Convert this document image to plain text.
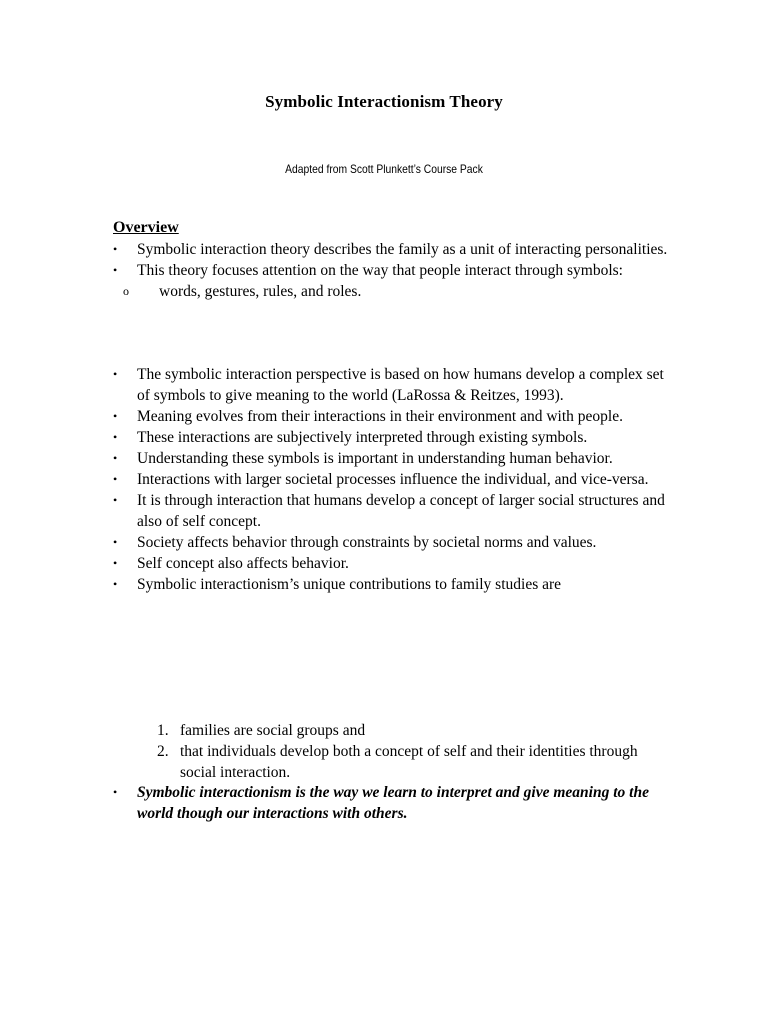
Symbolic Interactionism Theory
Adapted from Scott Plunkett’s Course Pack
Overview
•	Symbolic interaction theory describes the family as a unit of interacting personalities.
•	This theory focuses attention on the way that people interact through symbols:
o	words, gestures, rules, and roles.
•	The symbolic interaction perspective is based on how humans develop a complex set of symbols to give meaning to the world (LaRossa & Reitzes, 1993).
•	Meaning evolves from their interactions in their environment and with people.
•	These interactions are subjectively interpreted through existing symbols.
•	Understanding these symbols is important in understanding human behavior.
•	Interactions with larger societal processes influence the individual, and vice-versa.
•	It is through interaction that humans develop a concept of larger social structures and also of self concept.
•	Society affects behavior through constraints by societal norms and values.
•	Self concept also affects behavior.
•	Symbolic interactionism’s unique contributions to family studies are
1. families are social groups and
2. that individuals develop both a concept of self and their identities through social interaction.
•	Symbolic interactionism is the way we learn to interpret and give meaning to the world though our interactions with others.
